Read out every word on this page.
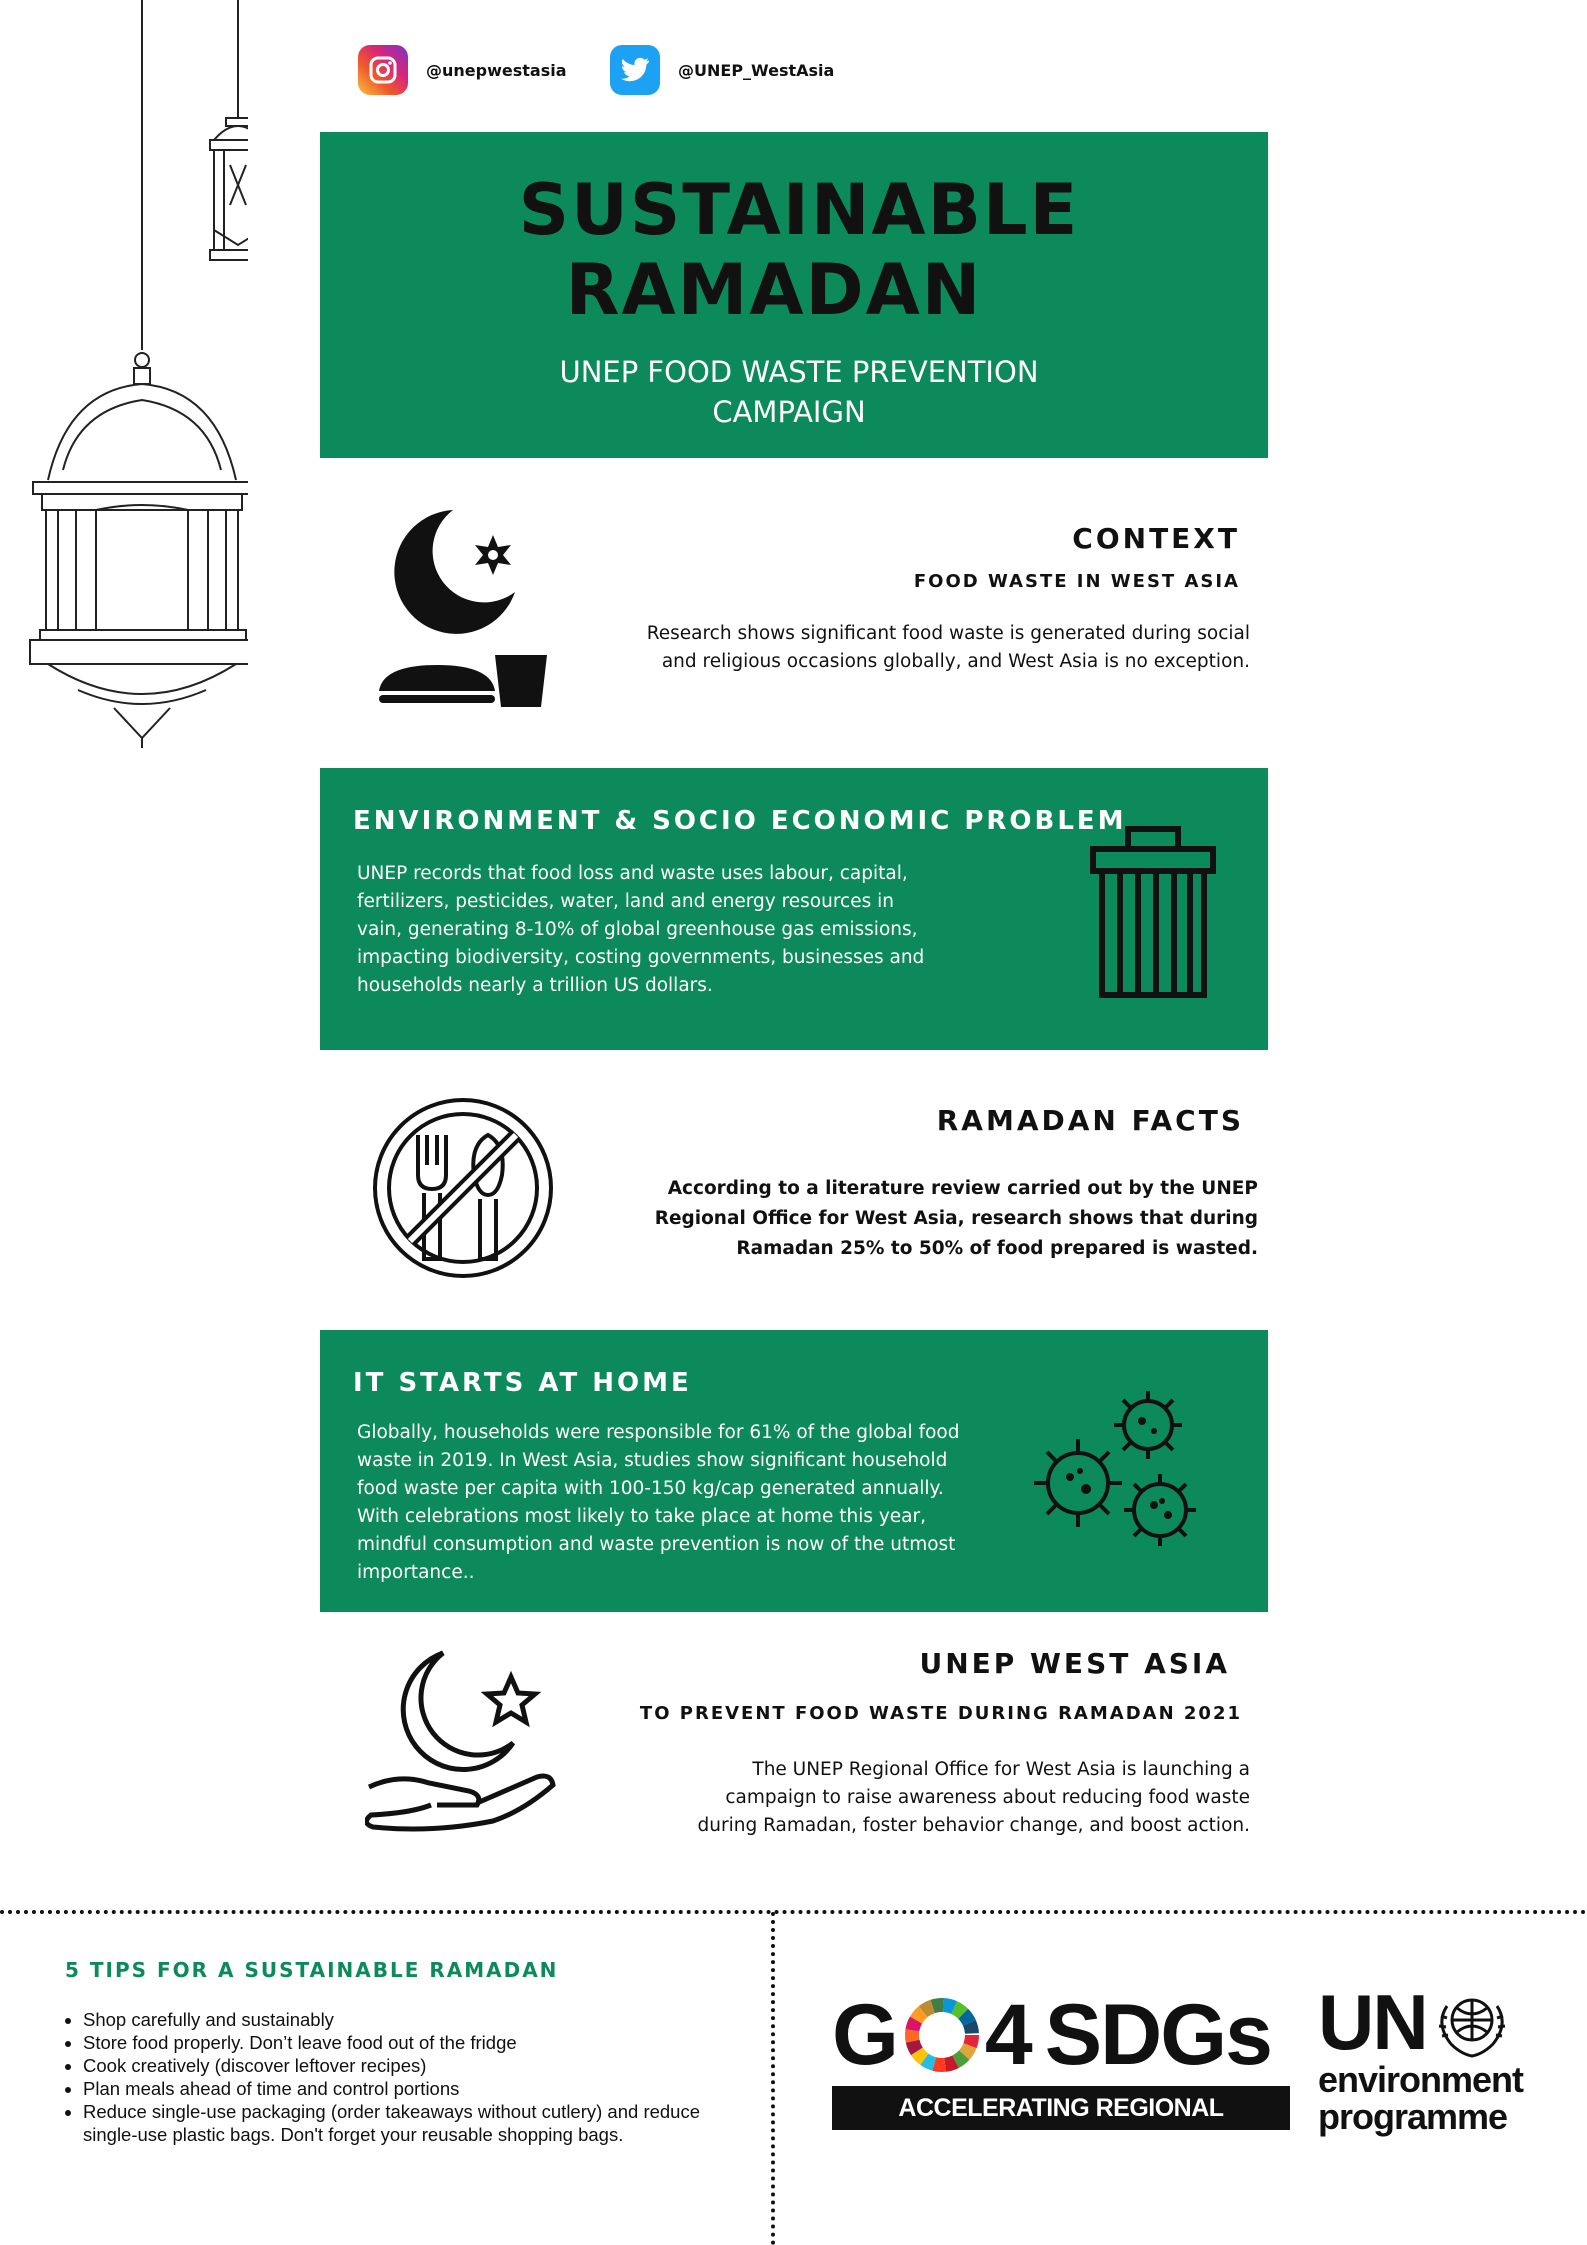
@unepwestasia	@UNEP_WestAsia
SUSTAINABLE
RAMADAN
UNEP FOOD WASTE PREVENTION
CAMPAIGN
CONTEXT
FOOD WASTE IN WEST ASIA
Research shows significant food waste is generated during social
and religious occasions globally, and West Asia is no exception.
ENVIRONMENT & SOCIO ECONOMIC PROBLEM
UNEP records that food loss and waste uses labour, capital,
fertilizers, pesticides, water, land and energy resources in
vain, generating 8-10% of global greenhouse gas emissions,
impacting biodiversity, costing governments, businesses and
households nearly a trillion US dollars.
RAMADAN FACTS
According to a literature review carried out by the UNEP
Regional Office for West Asia, research shows that during
Ramadan 25% to 50% of food prepared is wasted.
IT STARTS AT HOME
Globally, households were responsible for 61% of the global food
waste in 2019. In West Asia, studies show significant household
food waste per capita with 100-150 kg/cap generated annually.
With celebrations most likely to take place at home this year,
mindful consumption and waste prevention is now of the utmost
importance..
UNEP WEST ASIA
TO PREVENT FOOD WASTE DURING RAMADAN 2021
The UNEP Regional Office for West Asia is launching a
campaign to raise awareness about reducing food waste
during Ramadan, foster behavior change, and boost action.
5 TIPS FOR A SUSTAINABLE RAMADAN
• Shop carefully and sustainably
• Store food properly. Don’t leave food out of the fridge
• Cook creatively (discover leftover recipes)
• Plan meals ahead of time and control portions
• Reduce single-use packaging (order takeaways without cutlery) and reduce single-use plastic bags. Don't forget your reusable shopping bags.
G 4 SDGs
ACCELERATING REGIONAL SOLUTIONS
UN
environment
programme
